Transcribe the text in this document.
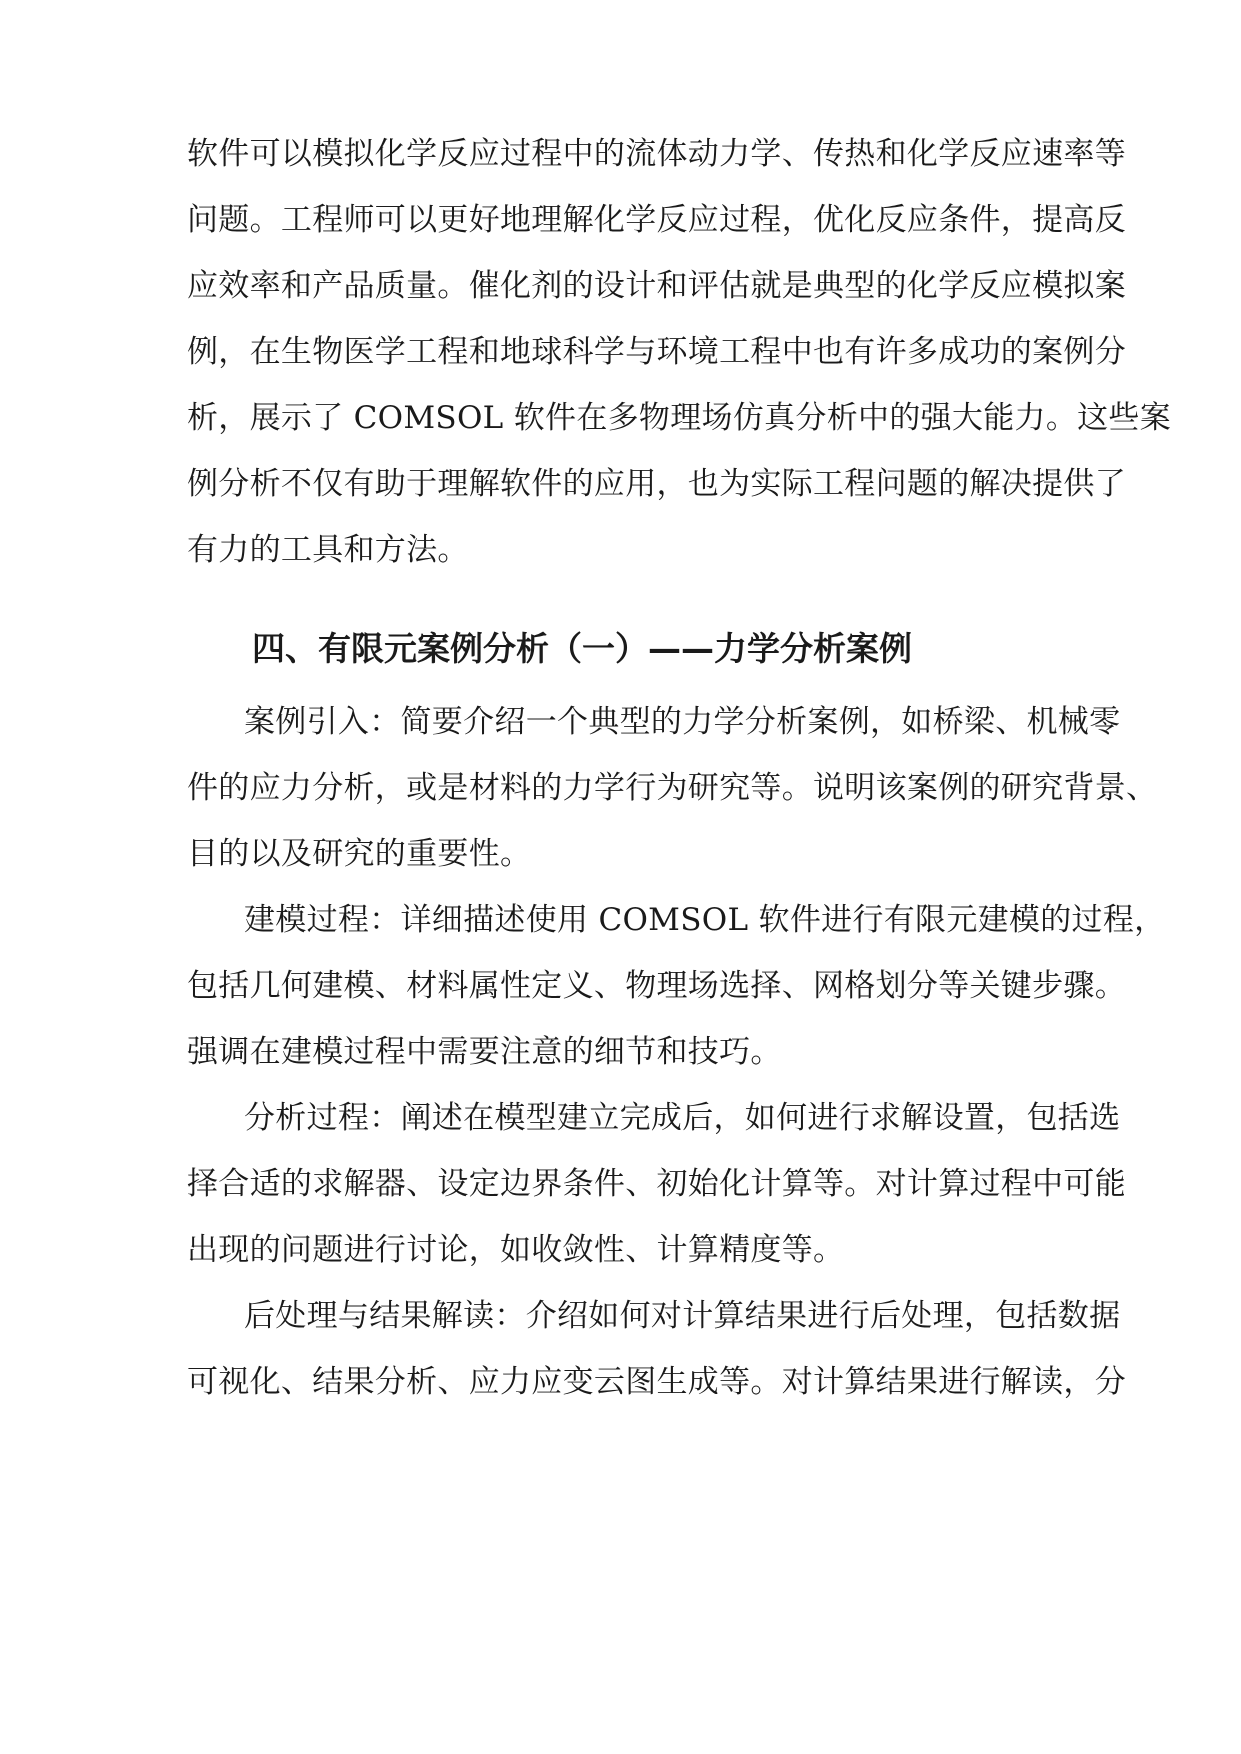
软件可以模拟化学反应过程中的流体动力学、传热和化学反应速率等
问题。工程师可以更好地理解化学反应过程，优化反应条件，提高反
应效率和产品质量。催化剂的设计和评估就是典型的化学反应模拟案
例，在生物医学工程和地球科学与环境工程中也有许多成功的案例分
析，展示了 COMSOL 软件在多物理场仿真分析中的强大能力。这些案
例分析不仅有助于理解软件的应用，也为实际工程问题的解决提供了
有力的工具和方法。
四、有限元案例分析（一）——力学分析案例
案例引入：简要介绍一个典型的力学分析案例，如桥梁、机械零
件的应力分析，或是材料的力学行为研究等。说明该案例的研究背景、
目的以及研究的重要性。
建模过程：详细描述使用 COMSOL 软件进行有限元建模的过程，
包括几何建模、材料属性定义、物理场选择、网格划分等关键步骤。
强调在建模过程中需要注意的细节和技巧。
分析过程：阐述在模型建立完成后，如何进行求解设置，包括选
择合适的求解器、设定边界条件、初始化计算等。对计算过程中可能
出现的问题进行讨论，如收敛性、计算精度等。
后处理与结果解读：介绍如何对计算结果进行后处理，包括数据
可视化、结果分析、应力应变云图生成等。对计算结果进行解读，分
